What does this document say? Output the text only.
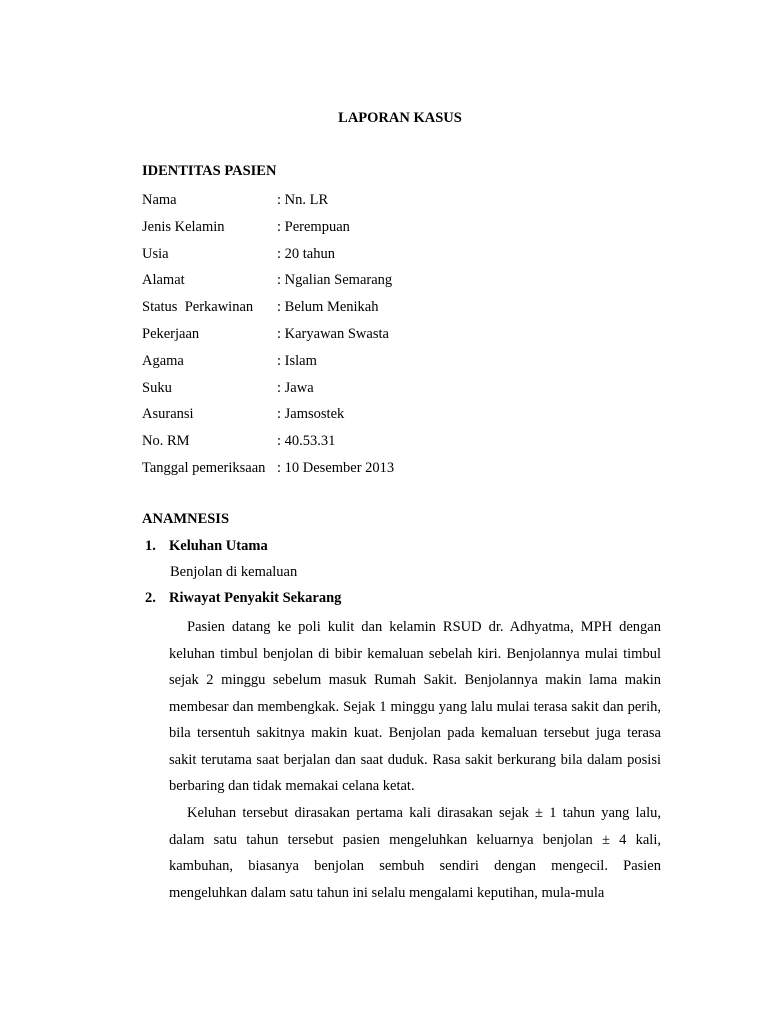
LAPORAN KASUS
IDENTITAS PASIEN
Nama	: Nn. LR
Jenis Kelamin	: Perempuan
Usia	: 20 tahun
Alamat	: Ngalian Semarang
Status  Perkawinan	: Belum Menikah
Pekerjaan	: Karyawan Swasta
Agama	: Islam
Suku	: Jawa
Asuransi	: Jamsostek
No. RM	: 40.53.31
Tanggal pemeriksaan : 10 Desember 2013
ANAMNESIS
1. Keluhan Utama
Benjolan di kemaluan
2. Riwayat Penyakit Sekarang
Pasien datang ke poli kulit dan kelamin RSUD dr. Adhyatma, MPH dengan keluhan timbul benjolan di bibir kemaluan sebelah kiri. Benjolannya mulai timbul sejak 2 minggu sebelum masuk Rumah Sakit. Benjolannya makin lama makin membesar dan membengkak. Sejak 1 minggu yang lalu mulai terasa sakit dan perih, bila tersentuh sakitnya makin kuat. Benjolan pada kemaluan tersebut juga terasa sakit terutama saat berjalan dan saat duduk. Rasa sakit berkurang bila dalam posisi berbaring dan tidak memakai celana ketat.
Keluhan tersebut dirasakan pertama kali dirasakan sejak ± 1 tahun yang lalu, dalam satu tahun tersebut pasien mengeluhkan keluarnya benjolan ± 4 kali, kambuhan, biasanya benjolan sembuh sendiri dengan mengecil. Pasien mengeluhkan dalam satu tahun ini selalu mengalami keputihan, mula-mula
